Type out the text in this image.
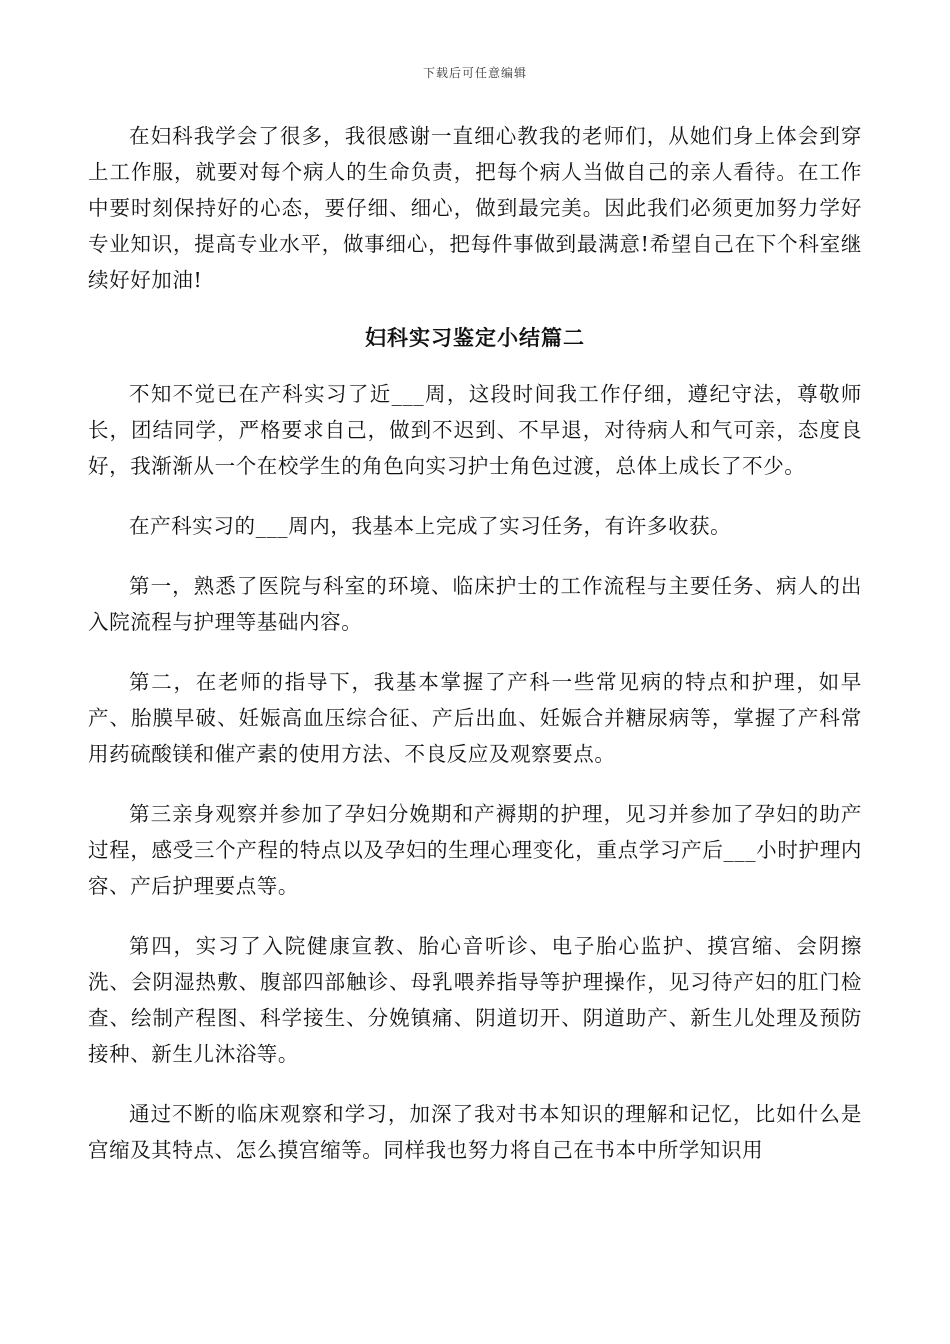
下载后可任意编辑

在妇科我学会了很多，我很感谢一直细心教我的老师们，从她们身上体会到穿上工作服，就要对每个病人的生命负责，把每个病人当做自己的亲人看待。在工作中要时刻保持好的心态，要仔细、细心，做到最完美。因此我们必须更加努力学好专业知识，提高专业水平，做事细心，把每件事做到最满意!希望自己在下个科室继续好好加油!

妇科实习鉴定小结篇二

不知不觉已在产科实习了近___周，这段时间我工作仔细，遵纪守法，尊敬师长，团结同学，严格要求自己，做到不迟到、不早退，对待病人和气可亲，态度良好，我渐渐从一个在校学生的角色向实习护士角色过渡，总体上成长了不少。

在产科实习的___周内，我基本上完成了实习任务，有许多收获。

第一，熟悉了医院与科室的环境、临床护士的工作流程与主要任务、病人的出入院流程与护理等基础内容。

第二，在老师的指导下，我基本掌握了产科一些常见病的特点和护理，如早产、胎膜早破、妊娠高血压综合征、产后出血、妊娠合并糖尿病等，掌握了产科常用药硫酸镁和催产素的使用方法、不良反应及观察要点。

第三亲身观察并参加了孕妇分娩期和产褥期的护理，见习并参加了孕妇的助产过程，感受三个产程的特点以及孕妇的生理心理变化，重点学习产后___小时护理内容、产后护理要点等。

第四，实习了入院健康宣教、胎心音听诊、电子胎心监护、摸宫缩、会阴擦洗、会阴湿热敷、腹部四部触诊、母乳喂养指导等护理操作，见习待产妇的肛门检查、绘制产程图、科学接生、分娩镇痛、阴道切开、阴道助产、新生儿处理及预防接种、新生儿沐浴等。

通过不断的临床观察和学习，加深了我对书本知识的理解和记忆，比如什么是宫缩及其特点、怎么摸宫缩等。同样我也努力将自己在书本中所学知识用
